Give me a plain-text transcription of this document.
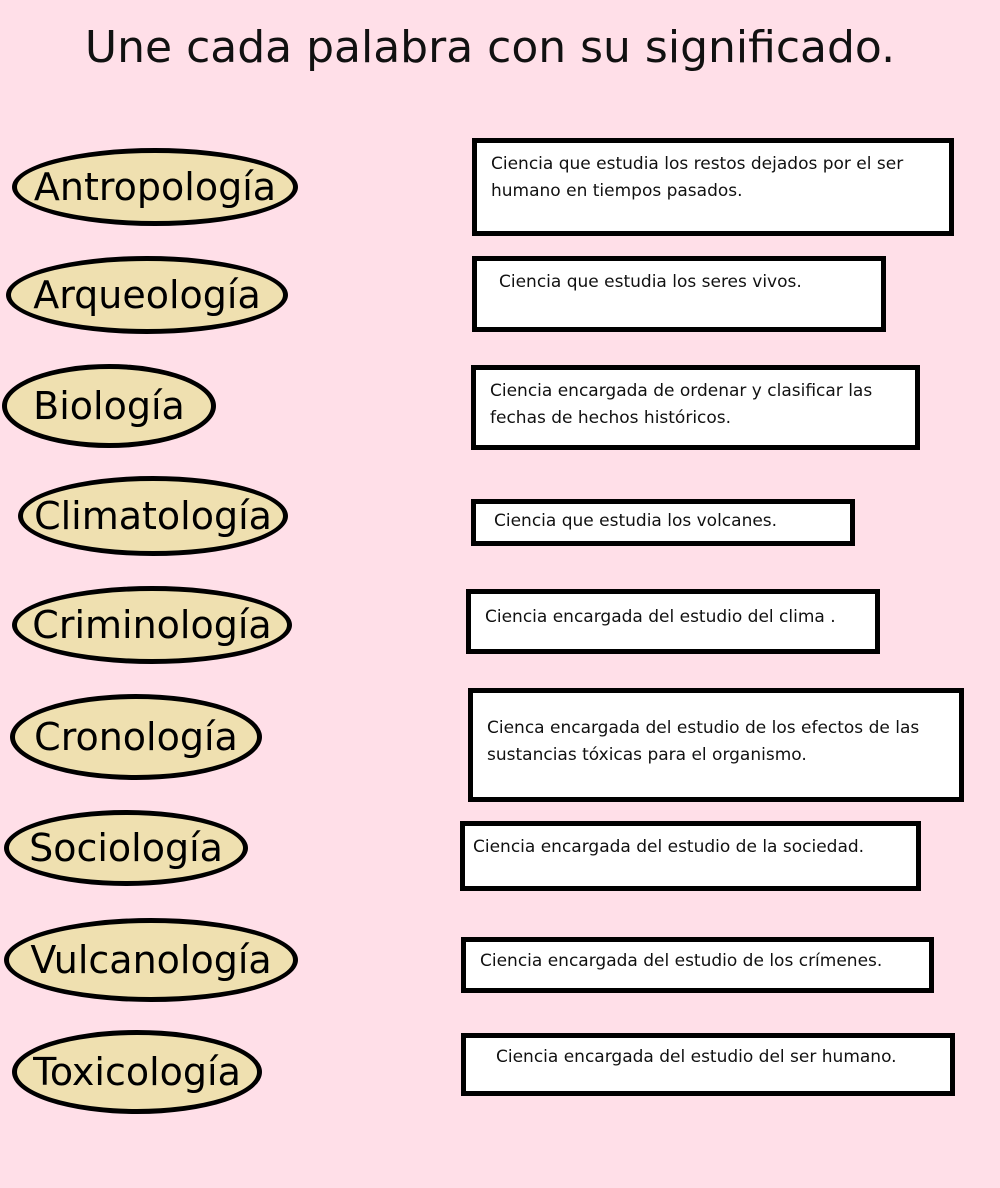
Une cada palabra con su significado.
Antropología
Arqueología
Biología
Climatología
Criminología
Cronología
Sociología
Vulcanología
Toxicología
Ciencia que estudia los restos dejados por el ser humano en tiempos pasados.
Ciencia que estudia los seres vivos.
Ciencia encargada de ordenar y clasificar las fechas de hechos históricos.
Ciencia que estudia los volcanes.
Ciencia encargada del estudio del clima .
Cienca encargada del estudio de los efectos de las sustancias tóxicas para el organismo.
Ciencia encargada del estudio de la sociedad.
Ciencia encargada del estudio de los crímenes.
Ciencia encargada del estudio del ser humano.
